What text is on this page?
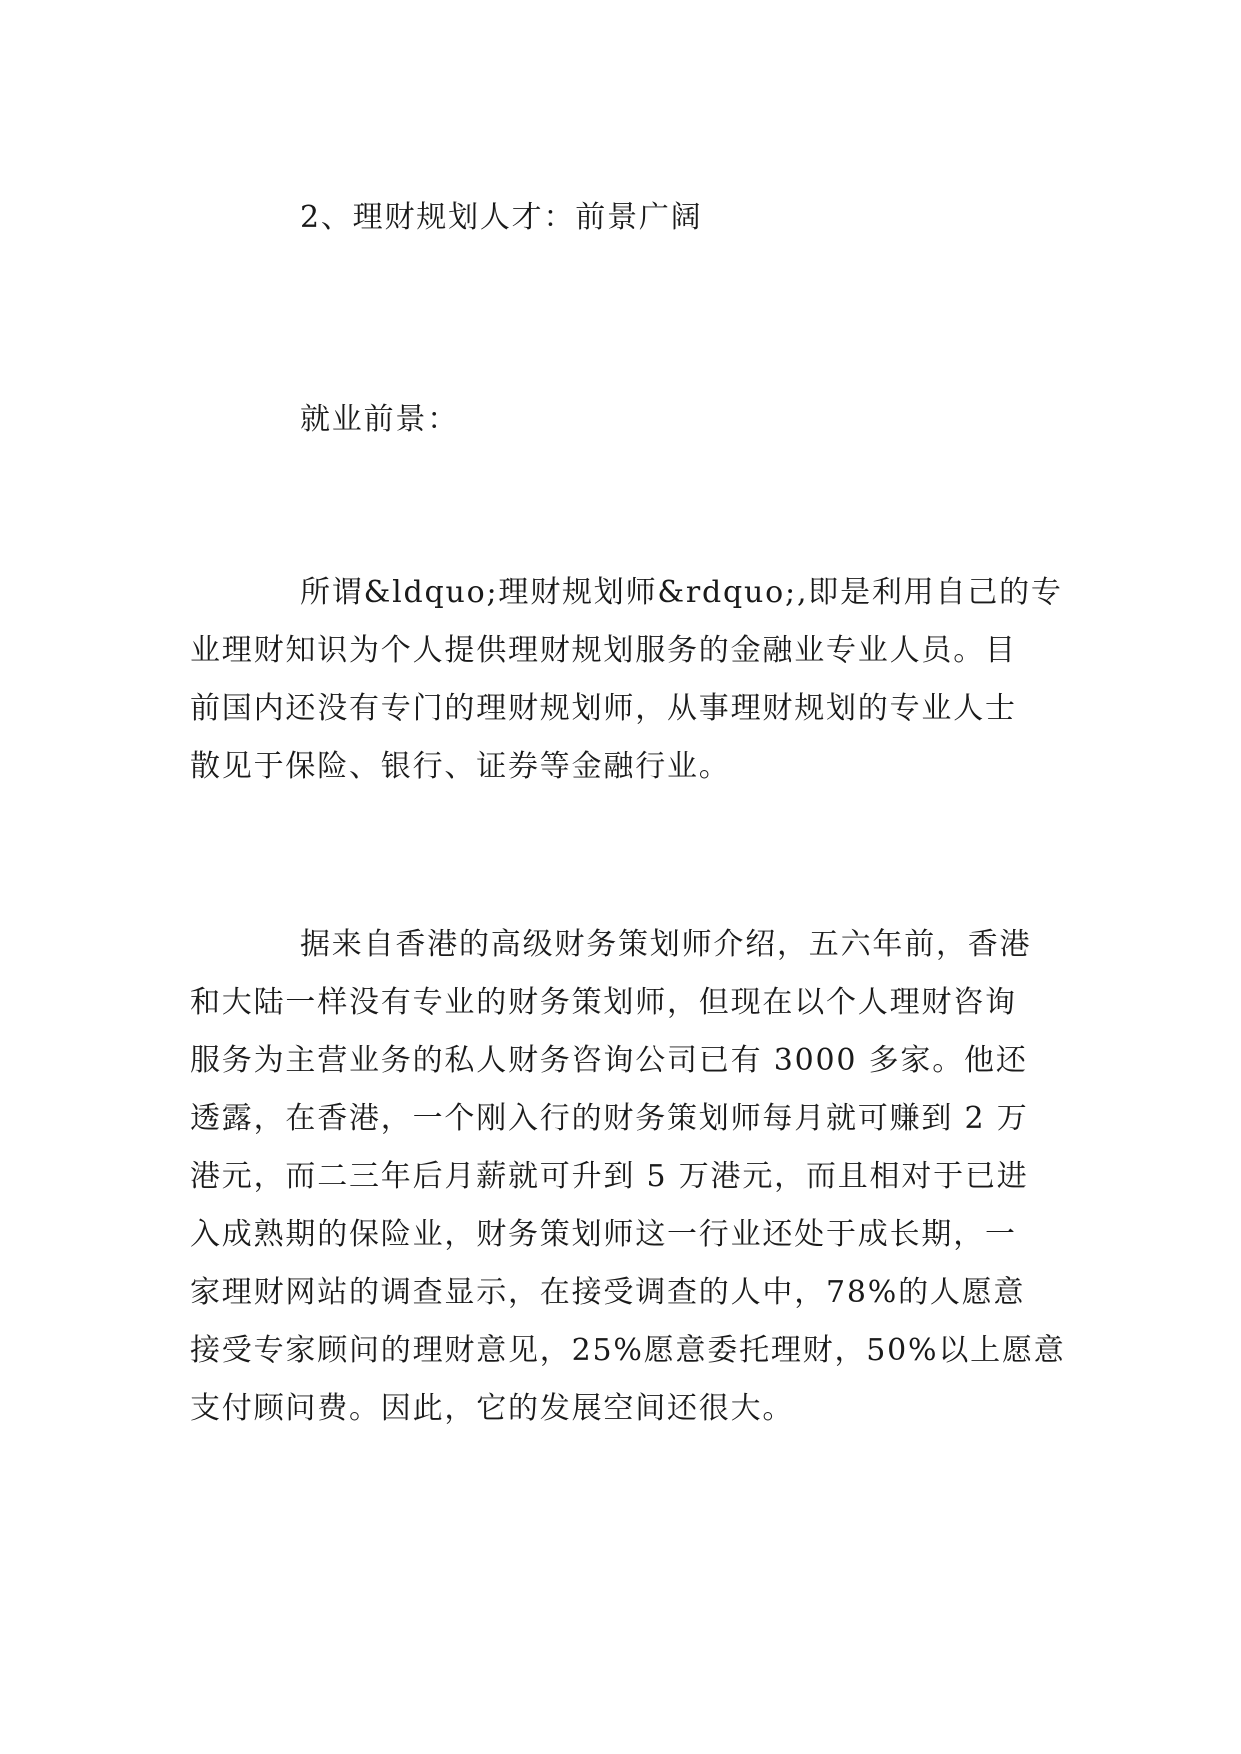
2、理财规划人才：前景广阔
就业前景：
所谓&ldquo;理财规划师&rdquo;,即是利用自己的专
业理财知识为个人提供理财规划服务的金融业专业人员。目
前国内还没有专门的理财规划师，从事理财规划的专业人士
散见于保险、银行、证券等金融行业。
据来自香港的高级财务策划师介绍，五六年前，香港
和大陆一样没有专业的财务策划师，但现在以个人理财咨询
服务为主营业务的私人财务咨询公司已有 3000 多家。他还
透露，在香港，一个刚入行的财务策划师每月就可赚到 2 万
港元，而二三年后月薪就可升到 5 万港元，而且相对于已进
入成熟期的保险业，财务策划师这一行业还处于成长期，一
家理财网站的调查显示，在接受调查的人中，78%的人愿意
接受专家顾问的理财意见，25%愿意委托理财，50%以上愿意
支付顾问费。因此，它的发展空间还很大。
